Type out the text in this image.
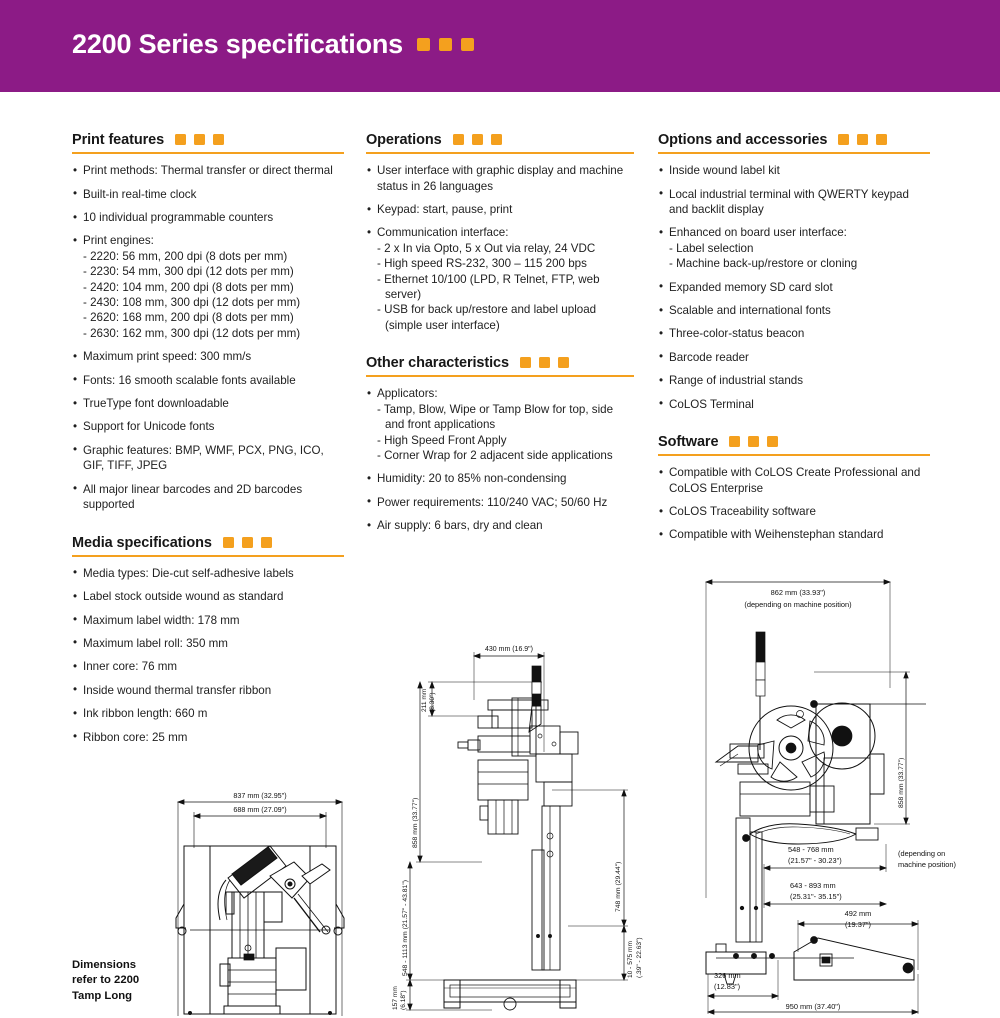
2200 Series specifications
Print features
• Print methods: Thermal transfer or direct thermal
• Built-in real-time clock
• 10 individual programmable counters
• Print engines:
- 2220: 56 mm, 200 dpi (8 dots per mm)
- 2230: 54 mm, 300 dpi (12 dots per mm)
- 2420: 104 mm, 200 dpi (8 dots per mm)
- 2430: 108 mm, 300 dpi (12 dots per mm)
- 2620: 168 mm, 200 dpi (8 dots per mm)
- 2630: 162 mm, 300 dpi (12 dots per mm)
• Maximum print speed: 300 mm/s
• Fonts: 16 smooth scalable fonts available
• TrueType font downloadable
• Support for Unicode fonts
• Graphic features: BMP, WMF, PCX, PNG, ICO, GIF, TIFF, JPEG
• All major linear barcodes and 2D barcodes supported
Media specifications
• Media types: Die-cut self-adhesive labels
• Label stock outside wound as standard
• Maximum label width: 178 mm
• Maximum label roll: 350 mm
• Inner core: 76 mm
• Inside wound thermal transfer ribbon
• Ink ribbon length: 660 m
• Ribbon core: 25 mm
Operations
• User interface with graphic display and machine status in 26 languages
• Keypad: start, pause, print
• Communication interface:
- 2 x In via Opto, 5 x Out via relay, 24 VDC
- High speed RS-232, 300 – 115 200 bps
- Ethernet 10/100 (LPD, R Telnet, FTP, web server)
- USB for back up/restore and label upload (simple user interface)
Other characteristics
• Applicators:
- Tamp, Blow, Wipe or Tamp Blow for top, side and front applications
- High Speed Front Apply
- Corner Wrap for 2 adjacent side applications
• Humidity: 20 to 85% non-condensing
• Power requirements: 110/240 VAC; 50/60 Hz
• Air supply: 6 bars, dry and clean
Options and accessories
• Inside wound label kit
• Local industrial terminal with QWERTY keypad and backlit display
• Enhanced on board user interface:
- Label selection
- Machine back-up/restore or cloning
• Expanded memory SD card slot
• Scalable and international fonts
• Three-color-status beacon
• Barcode reader
• Range of industrial stands
• CoLOS Terminal
Software
• Compatible with CoLOS Create Professional and CoLOS Enterprise
• CoLOS Traceability software
• Compatible with Weihenstephan standard
837 mm (32.95")
688 mm (27.09")
Dimensions
refer to 2200
Tamp Long
430 mm (16.9")
211 mm (8.30")
858 mm (33.77")
548 - 1113 mm (21.57" - 43.81")
157 mm (6.18")
748 mm (29.44")
10 - 575 mm (.39" - 22.63")
862 mm (33.93")
(depending on machine position)
858 mm (33.77")
548 - 768 mm
(21.57" - 30.23")
643 - 893 mm
(25.31"- 35.15")
(depending on
machine position)
492 mm
(19.37")
326 mm
(12.83")
950 mm (37.40")
